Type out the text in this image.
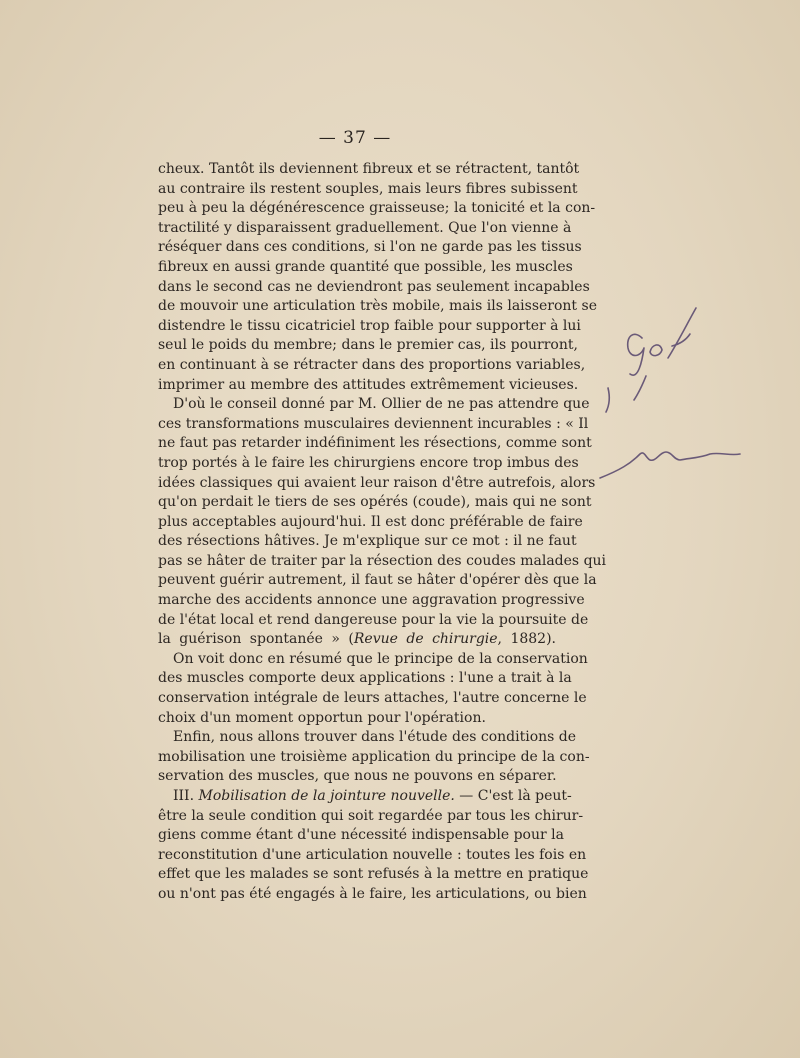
— 37 —
cheux. Tantôt ils deviennent fibreux et se rétractent, tantôt
au contraire ils restent souples, mais leurs fibres subissent
peu à peu la dégénérescence graisseuse; la tonicité et la con-
tractilité y disparaissent graduellement. Que l'on vienne à
réséquer dans ces conditions, si l'on ne garde pas les tissus
fibreux en aussi grande quantité que possible, les muscles
dans le second cas ne deviendront pas seulement incapables
de mouvoir une articulation très mobile, mais ils laisseront se
distendre le tissu cicatriciel trop faible pour supporter à lui
seul le poids du membre; dans le premier cas, ils pourront,
en continuant à se rétracter dans des proportions variables,
imprimer au membre des attitudes extrêmement vicieuses.
D'où le conseil donné par M. Ollier de ne pas attendre que
ces transformations musculaires deviennent incurables : « Il
ne faut pas retarder indéfiniment les résections, comme sont
trop portés à le faire les chirurgiens encore trop imbus des
idées classiques qui avaient leur raison d'être autrefois, alors
qu'on perdait le tiers de ses opérés (coude), mais qui ne sont
plus acceptables aujourd'hui. Il est donc préférable de faire
des résections hâtives. Je m'explique sur ce mot : il ne faut
pas se hâter de traiter par la résection des coudes malades qui
peuvent guérir autrement, il faut se hâter d'opérer dès que la
marche des accidents annonce une aggravation progressive
de l'état local et rend dangereuse pour la vie la poursuite de
la guérison spontanée » (Revue de chirurgie, 1882).
On voit donc en résumé que le principe de la conservation
des muscles comporte deux applications : l'une a trait à la
conservation intégrale de leurs attaches, l'autre concerne le
choix d'un moment opportun pour l'opération.
Enfin, nous allons trouver dans l'étude des conditions de
mobilisation une troisième application du principe de la con-
servation des muscles, que nous ne pouvons en séparer.
III. Mobilisation de la jointure nouvelle. — C'est là peut-
être la seule condition qui soit regardée par tous les chirur-
giens comme étant d'une nécessité indispensable pour la
reconstitution d'une articulation nouvelle : toutes les fois en
effet que les malades se sont refusés à la mettre en pratique
ou n'ont pas été engagés à le faire, les articulations, ou bien
